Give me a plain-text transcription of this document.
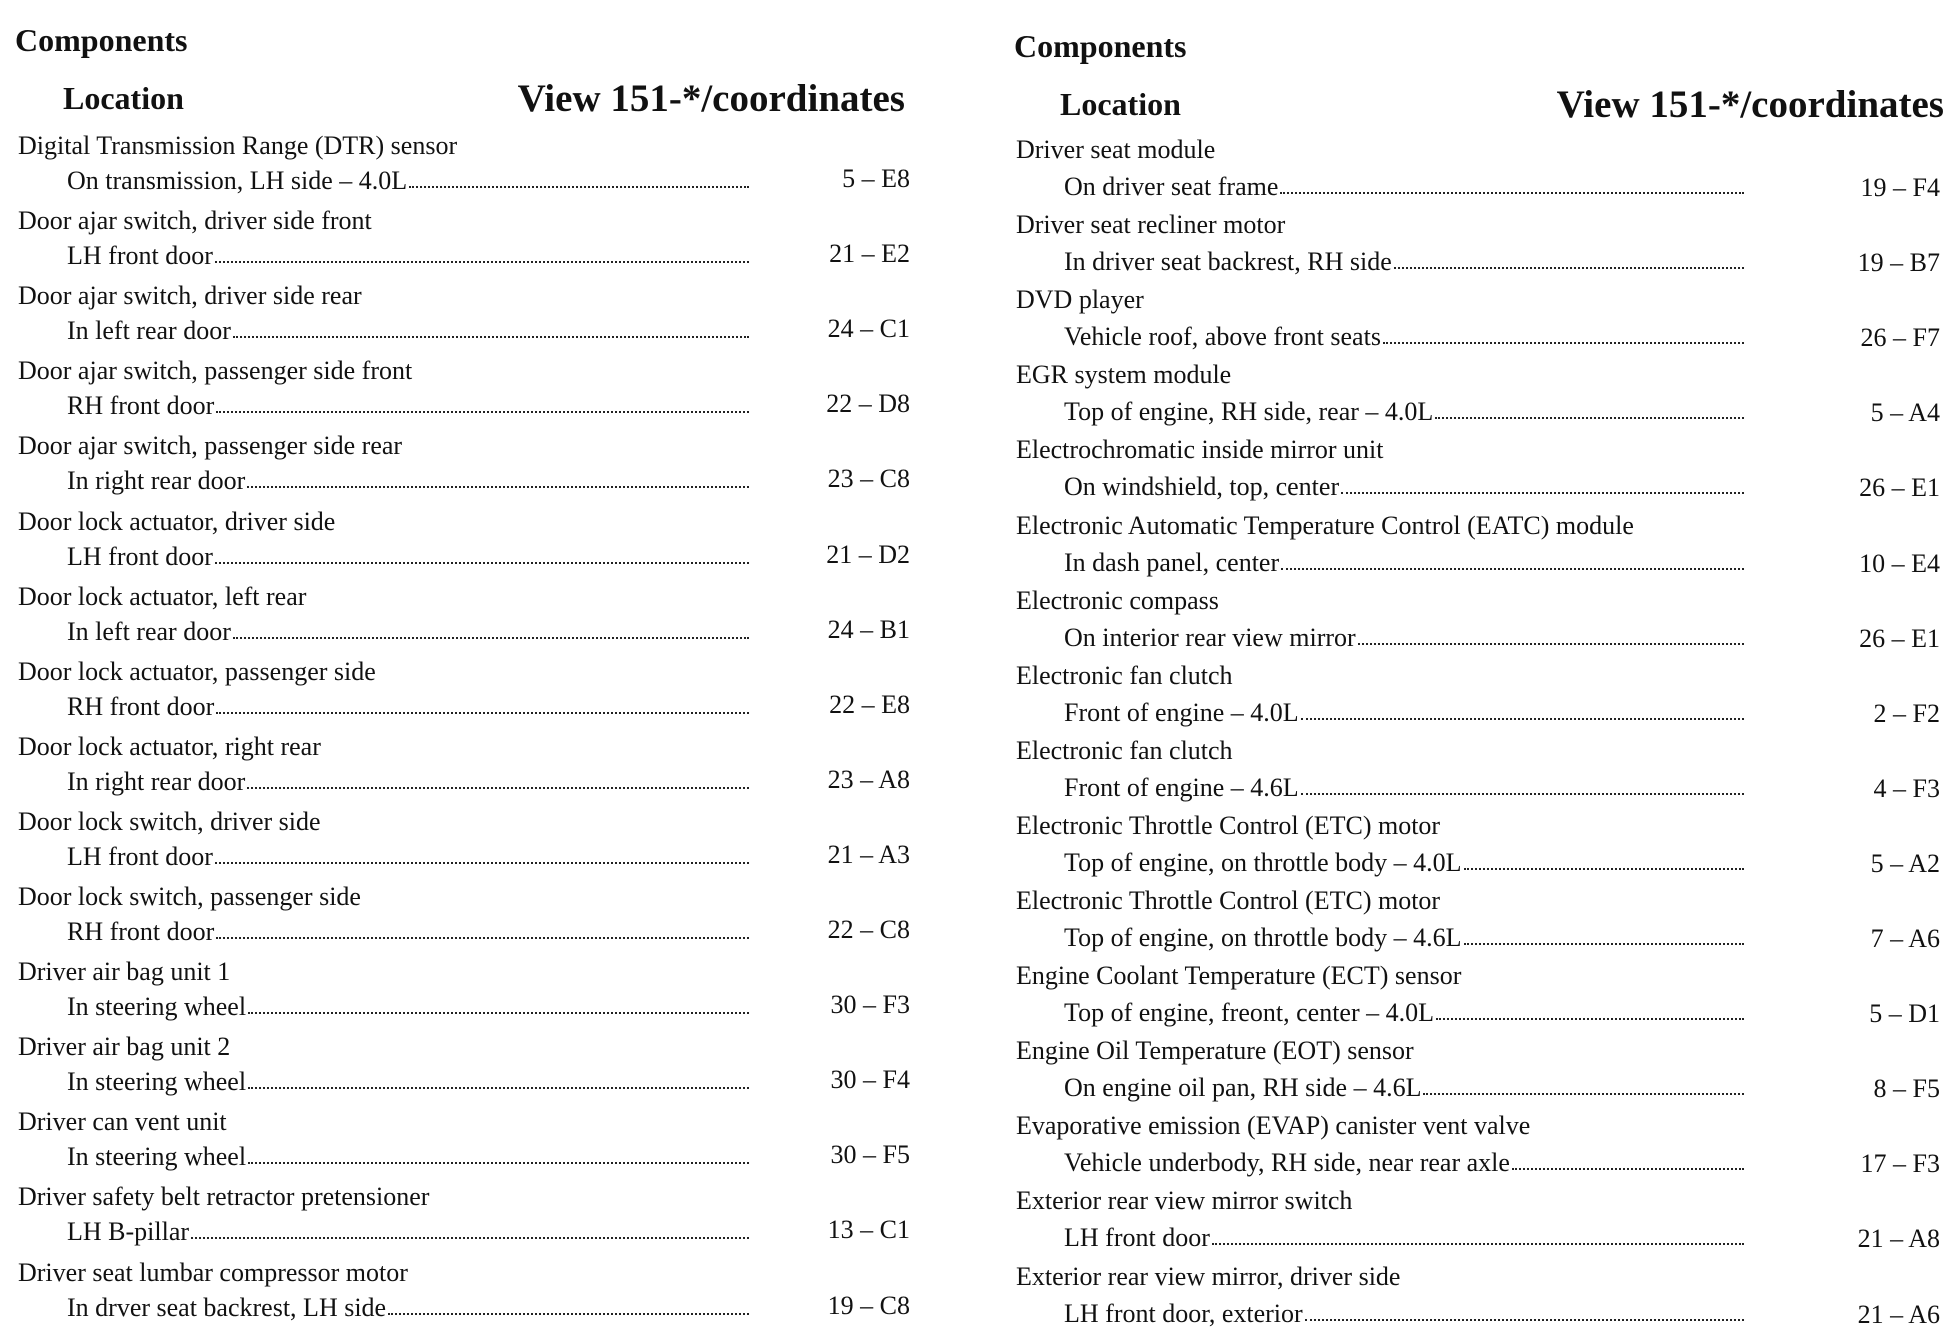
Components
Location	View 151-*/coordinates
Digital Transmission Range (DTR) sensor
On transmission, LH side – 4.0L	5 – E8
Door ajar switch, driver side front
LH front door	21 – E2
Door ajar switch, driver side rear
In left rear door	24 – C1
Door ajar switch, passenger side front
RH front door	22 – D8
Door ajar switch, passenger side rear
In right rear door	23 – C8
Door lock actuator, driver side
LH front door	21 – D2
Door lock actuator, left rear
In left rear door	24 – B1
Door lock actuator, passenger side
RH front door	22 – E8
Door lock actuator, right rear
In right rear door	23 – A8
Door lock switch, driver side
LH front door	21 – A3
Door lock switch, passenger side
RH front door	22 – C8
Driver air bag unit 1
In steering wheel	30 – F3
Driver air bag unit 2
In steering wheel	30 – F4
Driver can vent unit
In steering wheel	30 – F5
Driver safety belt retractor pretensioner
LH B-pillar	13 – C1
Driver seat lumbar compressor motor
In drver seat backrest, LH side	19 – C8
Components
Location	View 151-*/coordinates
Driver seat module
On driver seat frame	19 – F4
Driver seat recliner motor
In driver seat backrest, RH side	19 – B7
DVD player
Vehicle roof, above front seats	26 – F7
EGR system module
Top of engine, RH side, rear – 4.0L	5 – A4
Electrochromatic inside mirror unit
On windshield, top, center	26 – E1
Electronic Automatic Temperature Control (EATC) module
In dash panel, center	10 – E4
Electronic compass
On interior rear view mirror	26 – E1
Electronic fan clutch
Front of engine – 4.0L	2 – F2
Electronic fan clutch
Front of engine – 4.6L	4 – F3
Electronic Throttle Control (ETC) motor
Top of engine, on throttle body – 4.0L	5 – A2
Electronic Throttle Control (ETC) motor
Top of engine, on throttle body – 4.6L	7 – A6
Engine Coolant Temperature (ECT) sensor
Top of engine, freont, center – 4.0L	5 – D1
Engine Oil Temperature (EOT) sensor
On engine oil pan, RH side – 4.6L	8 – F5
Evaporative emission (EVAP) canister vent valve
Vehicle underbody, RH side, near rear axle	17 – F3
Exterior rear view mirror switch
LH front door	21 – A8
Exterior rear view mirror, driver side
LH front door, exterior	21 – A6
